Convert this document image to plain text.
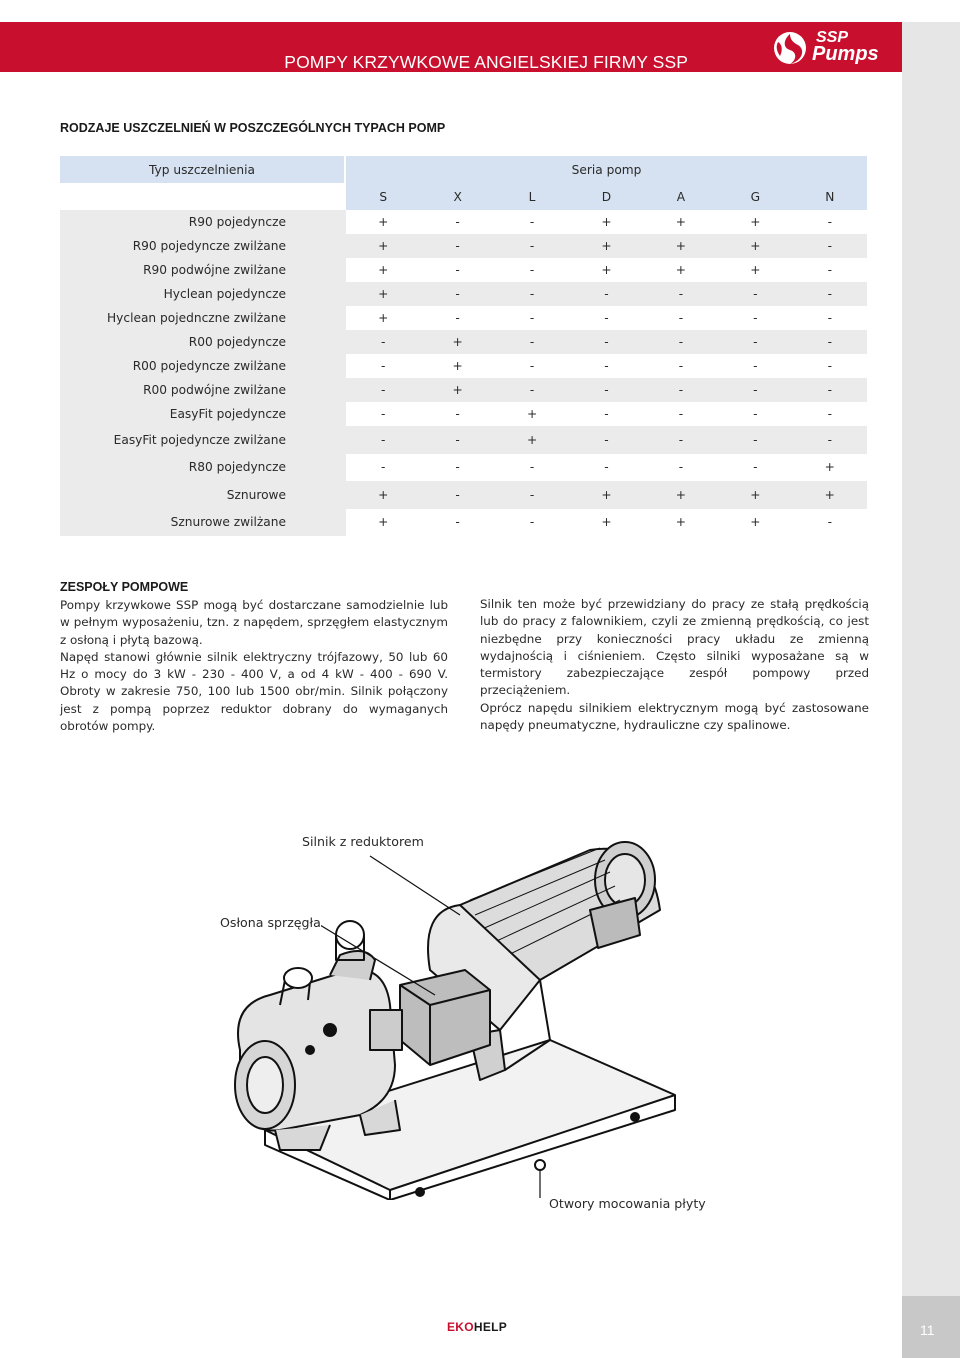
POMPY KRZYWKOWE ANGIELSKIEJ FIRMY SSP
SSP
Pumps
RODZAJE USZCZELNIEŃ W POSZCZEGÓLNYCH TYPACH POMP
Typ uszczelnienia	Seria pomp						
	S	X	L	D	A	G	N
R90 pojedyncze	+	-	-	+	+	+	-
R90 pojedyncze zwilżane	+	-	-	+	+	+	-
R90 podwójne zwilżane	+	-	-	+	+	+	-
Hyclean pojedyncze	+	-	-	-	-	-	-
Hyclean pojednczne zwilżane	+	-	-	-	-	-	-
R00 pojedyncze	-	+	-	-	-	-	-
R00 pojedyncze zwilżane	-	+	-	-	-	-	-
R00 podwójne zwilżane	-	+	-	-	-	-	-
EasyFit pojedyncze	-	-	+	-	-	-	-
EasyFit pojedyncze zwilżane	-	-	+	-	-	-	-
R80 pojedyncze	-	-	-	-	-	-	+
Sznurowe	+	-	-	+	+	+	+
Sznurowe zwilżane	+	-	-	+	+	+	-
ZESPOŁY POMPOWE

Pompy krzywkowe SSP mogą być dostarczane samodzielnie lub w pełnym wyposażeniu, tzn. z napędem, sprzęgłem elastycznym z osłoną i płytą bazową.

Napęd stanowi głównie silnik elektryczny trójfazowy, 50 lub 60 Hz o mocy do 3 kW - 230 - 400 V, a od 4 kW - 400 - 690 V. Obroty w zakresie 750, 100 lub 1500 obr/min. Silnik połączony jest z pompą poprzez reduktor dobrany do wymaganych obrotów pompy.

Silnik ten może być przewidziany do pracy ze stałą prędkością lub do pracy z falownikiem, czyli ze zmienną prędkością, co jest niezbędne przy konieczności pracy układu ze zmienną wydajnością i ciśnieniem. Często silniki wyposażane są w termistory zabezpieczające zespół pompowy przed przeciążeniem.

Oprócz napędu silnikiem elektrycznym mogą być zastosowane napędy pneumatyczne, hydrauliczne czy spalinowe.

Silnik z reduktorem
Osłona sprzęgła
Otwory mocowania płyty
EKOHELP	11
